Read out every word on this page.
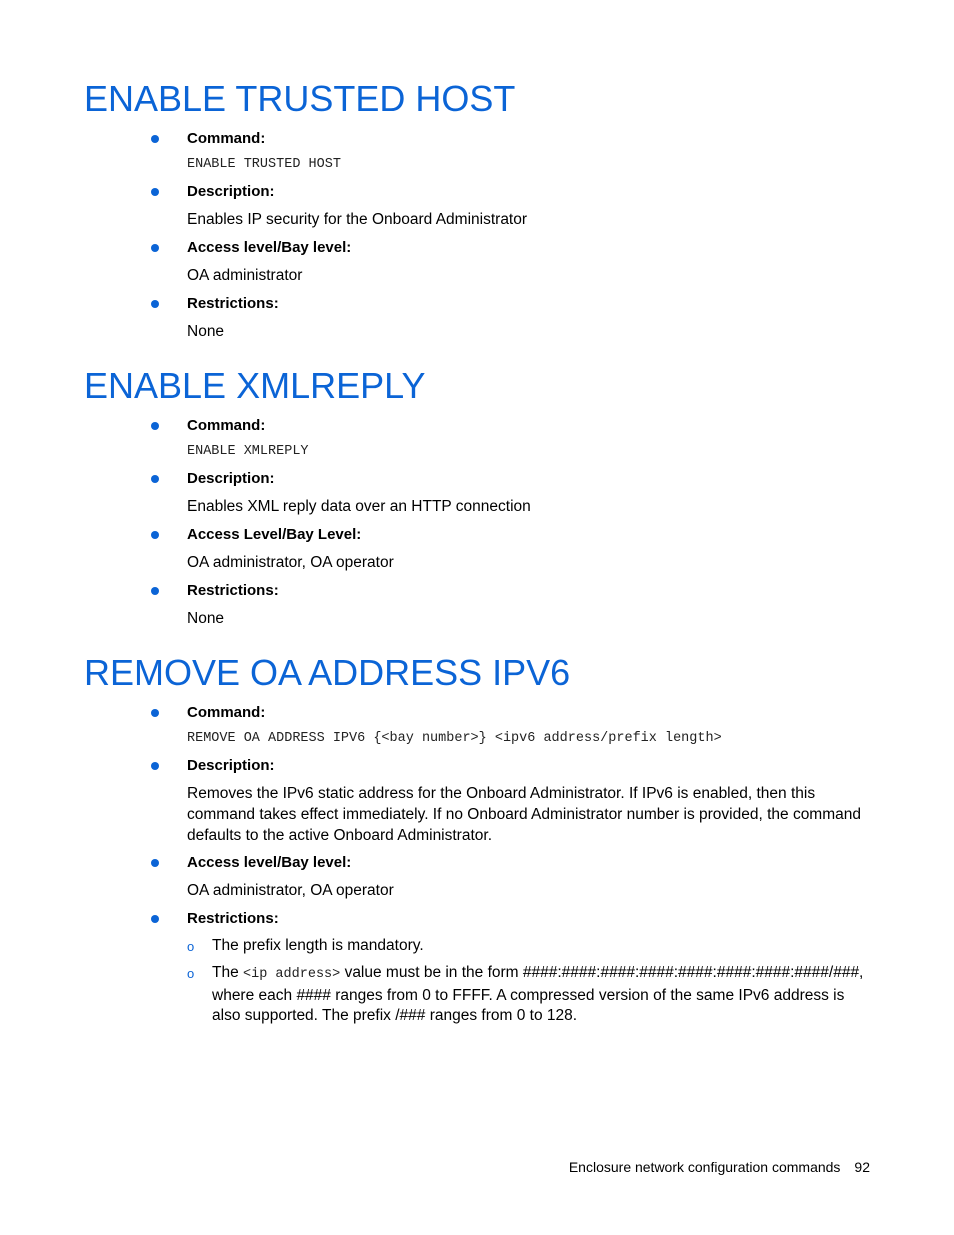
ENABLE TRUSTED HOST
Command:
ENABLE TRUSTED HOST
Description:
Enables IP security for the Onboard Administrator
Access level/Bay level:
OA administrator
Restrictions:
None
ENABLE XMLREPLY
Command:
ENABLE XMLREPLY
Description:
Enables XML reply data over an HTTP connection
Access Level/Bay Level:
OA administrator, OA operator
Restrictions:
None
REMOVE OA ADDRESS IPV6
Command:
REMOVE OA ADDRESS IPV6 {<bay number>} <ipv6 address/prefix length>
Description:
Removes the IPv6 static address for the Onboard Administrator. If IPv6 is enabled, then this command takes effect immediately. If no Onboard Administrator number is provided, the command defaults to the active Onboard Administrator.
Access level/Bay level:
OA administrator, OA operator
Restrictions:
o The prefix length is mandatory.
o The <ip address> value must be in the form ####:####:####:####:####:####:####:####/###, where each #### ranges from 0 to FFFF. A compressed version of the same IPv6 address is also supported. The prefix /### ranges from 0 to 128.
Enclosure network configuration commands 92
